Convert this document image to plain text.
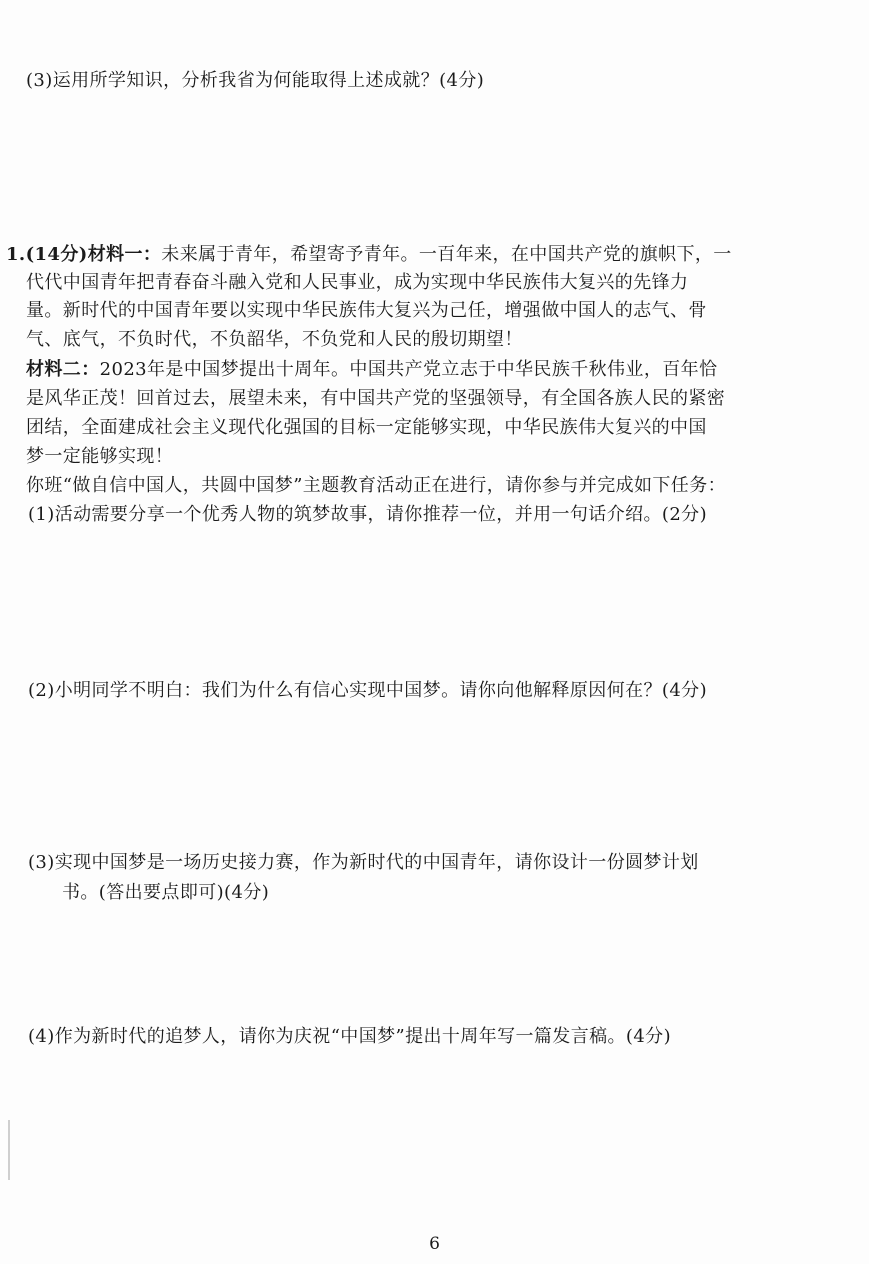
(3)运用所学知识，分析我省为何能取得上述成就？(4分)
1.(14分)材料一：未来属于青年，希望寄予青年。一百年来，在中国共产党的旗帜下，一
代代中国青年把青春奋斗融入党和人民事业，成为实现中华民族伟大复兴的先锋力
量。新时代的中国青年要以实现中华民族伟大复兴为己任，增强做中国人的志气、骨
气、底气，不负时代，不负韶华，不负党和人民的殷切期望！
材料二：2023年是中国梦提出十周年。中国共产党立志于中华民族千秋伟业，百年恰
是风华正茂！回首过去，展望未来，有中国共产党的坚强领导，有全国各族人民的紧密
团结，全面建成社会主义现代化强国的目标一定能够实现，中华民族伟大复兴的中国
梦一定能够实现！
你班“做自信中国人，共圆中国梦”主题教育活动正在进行，请你参与并完成如下任务：
(1)活动需要分享一个优秀人物的筑梦故事，请你推荐一位，并用一句话介绍。(2分)
(2)小明同学不明白：我们为什么有信心实现中国梦。请你向他解释原因何在？(4分)
(3)实现中国梦是一场历史接力赛，作为新时代的中国青年，请你设计一份圆梦计划
书。(答出要点即可)(4分)
(4)作为新时代的追梦人，请你为庆祝“中国梦”提出十周年写一篇发言稿。(4分)
6
